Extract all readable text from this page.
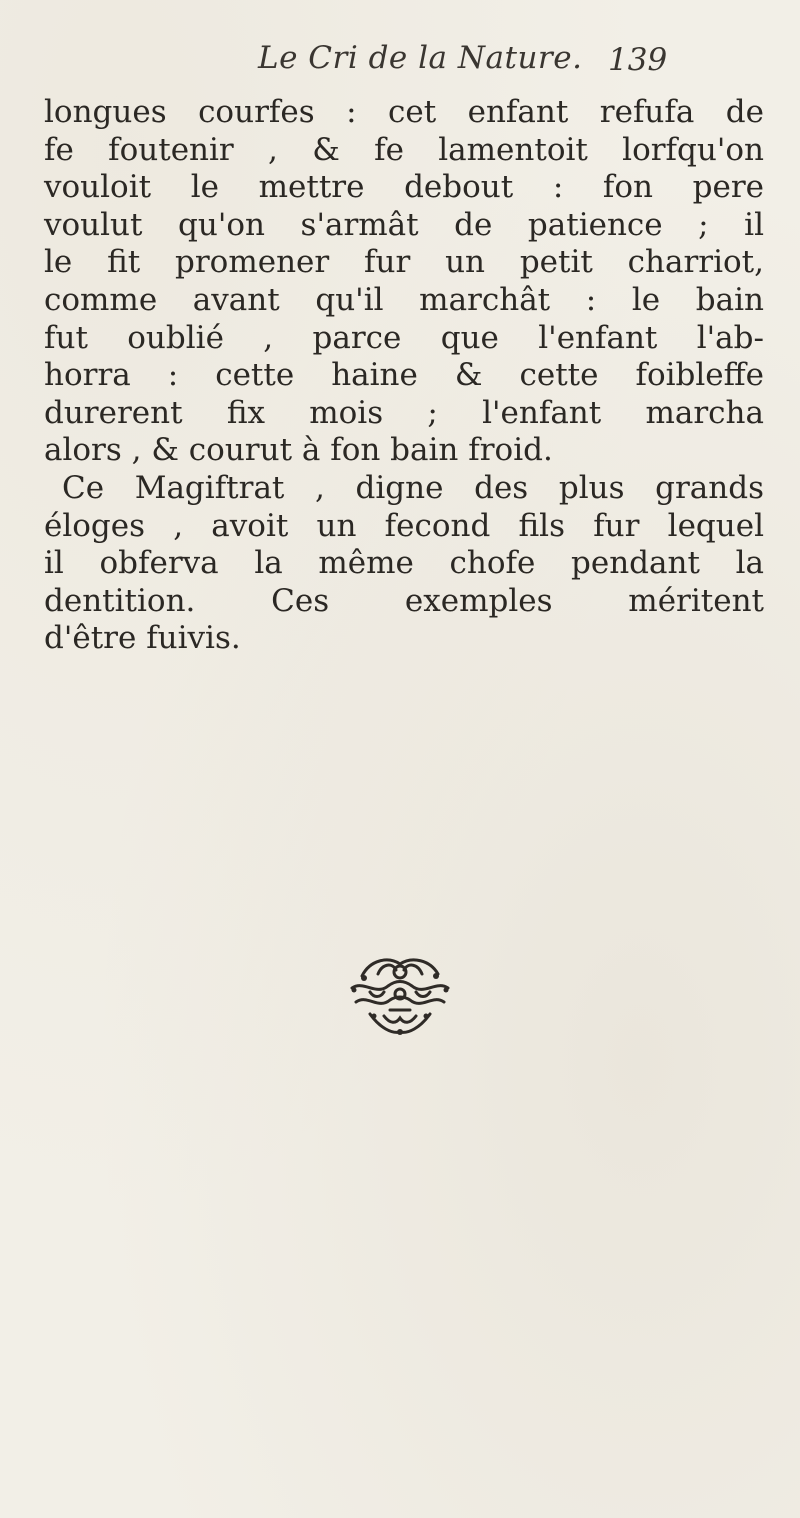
Le Cri de la Nature. 139
longues courfes : cet enfant refufa de
fe foutenir , & fe lamentoit lorfqu'on
vouloit le mettre debout : fon pere
voulut qu'on s'armât de patience ; il
le fit promener fur un petit charriot,
comme avant qu'il marchât : le bain
fut oublié , parce que l'enfant l'ab-
horra : cette haine & cette foibleffe
durerent fix mois ; l'enfant marcha
alors , & courut à fon bain froid.
Ce Magiftrat , digne des plus grands
éloges , avoit un fecond fils fur lequel
il obferva la même chofe pendant la
dentition. Ces exemples méritent
d'être fuivis.
